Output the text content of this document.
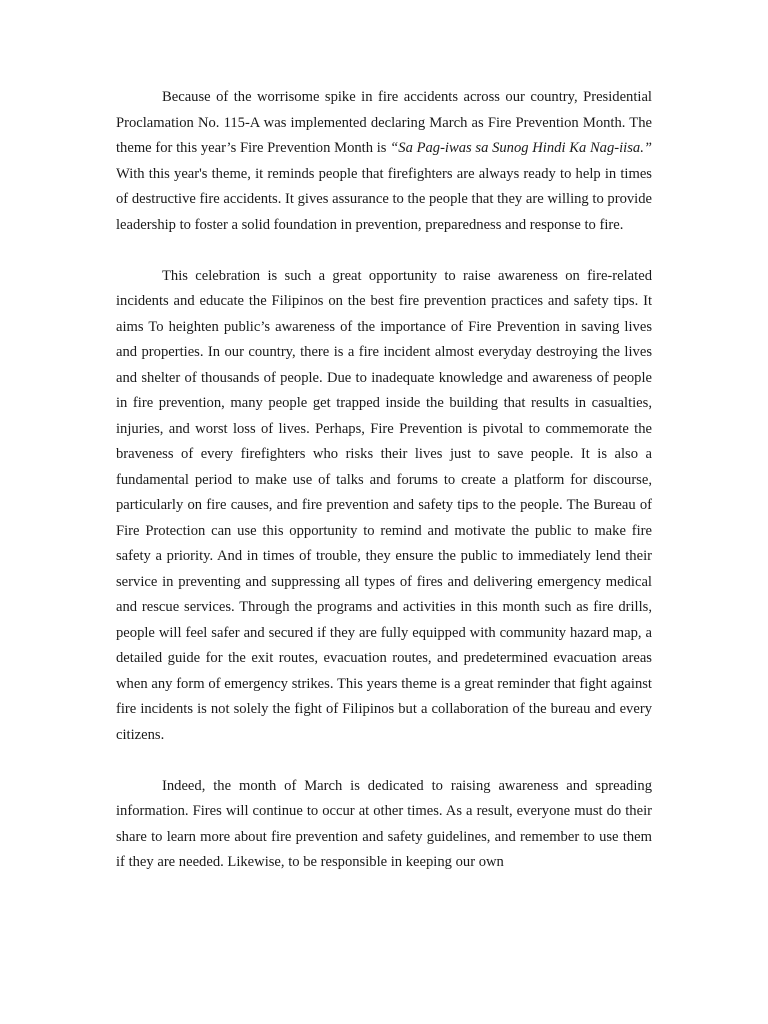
Because of the worrisome spike in fire accidents across our country, Presidential Proclamation No. 115-A was implemented declaring March as Fire Prevention Month. The theme for this year’s Fire Prevention Month is “Sa Pag-iwas sa Sunog Hindi Ka Nag-iisa.” With this year's theme, it reminds people that firefighters are always ready to help in times of destructive fire accidents. It gives assurance to the people that they are willing to provide leadership to foster a solid foundation in prevention, preparedness and response to fire.

This celebration is such a great opportunity to raise awareness on fire-related incidents and educate the Filipinos on the best fire prevention practices and safety tips. It aims To heighten public’s awareness of the importance of Fire Prevention in saving lives and properties. In our country, there is a fire incident almost everyday destroying the lives and shelter of thousands of people. Due to inadequate knowledge and awareness of people in fire prevention, many people get trapped inside the building that results in casualties, injuries, and worst loss of lives. Perhaps, Fire Prevention is pivotal to commemorate the braveness of every firefighters who risks their lives just to save people. It is also a fundamental period to make use of talks and forums to create a platform for discourse, particularly on fire causes, and fire prevention and safety tips to the people. The Bureau of Fire Protection can use this opportunity to remind and motivate the public to make fire safety a priority. And in times of trouble, they ensure the public to immediately lend their service in preventing and suppressing all types of fires and delivering emergency medical and rescue services. Through the programs and activities in this month such as fire drills, people will feel safer and secured if they are fully equipped with community hazard map, a detailed guide for the exit routes, evacuation routes, and predetermined evacuation areas when any form of emergency strikes. This years theme is a great reminder that fight against fire incidents is not solely the fight of Filipinos but a collaboration of the bureau and every citizens.

Indeed, the month of March is dedicated to raising awareness and spreading information. Fires will continue to occur at other times. As a result, everyone must do their share to learn more about fire prevention and safety guidelines, and remember to use them if they are needed. Likewise, to be responsible in keeping our own
